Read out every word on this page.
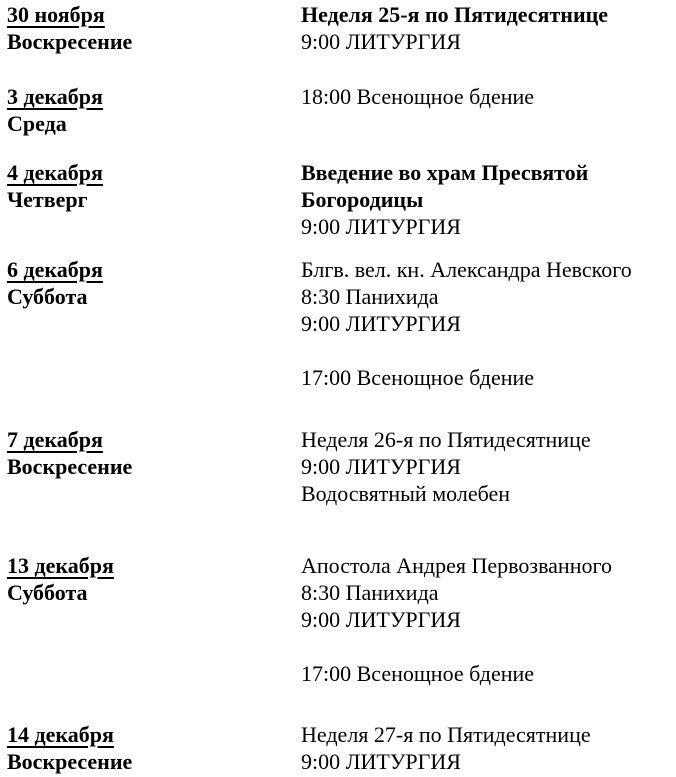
30 ноября
Воскресение
Неделя 25-я по Пятидесятнице
9:00 ЛИТУРГИЯ
3 декабря
Среда
18:00 Всенощное бдение
4 декабря
Четверг
Введение во храм Пресвятой
Богородицы
9:00 ЛИТУРГИЯ
6 декабря
Суббота
Блгв. вел. кн. Александра Невского
8:30 Панихида
9:00 ЛИТУРГИЯ
17:00 Всенощное бдение
7 декабря
Воскресение
Неделя 26-я по Пятидесятнице
9:00 ЛИТУРГИЯ
Водосвятный молебен
13 декабря
Суббота
Апостола Андрея Первозванного
8:30 Панихида
9:00 ЛИТУРГИЯ
17:00 Всенощное бдение
14 декабря
Воскресение
Неделя 27-я по Пятидесятнице
9:00 ЛИТУРГИЯ
